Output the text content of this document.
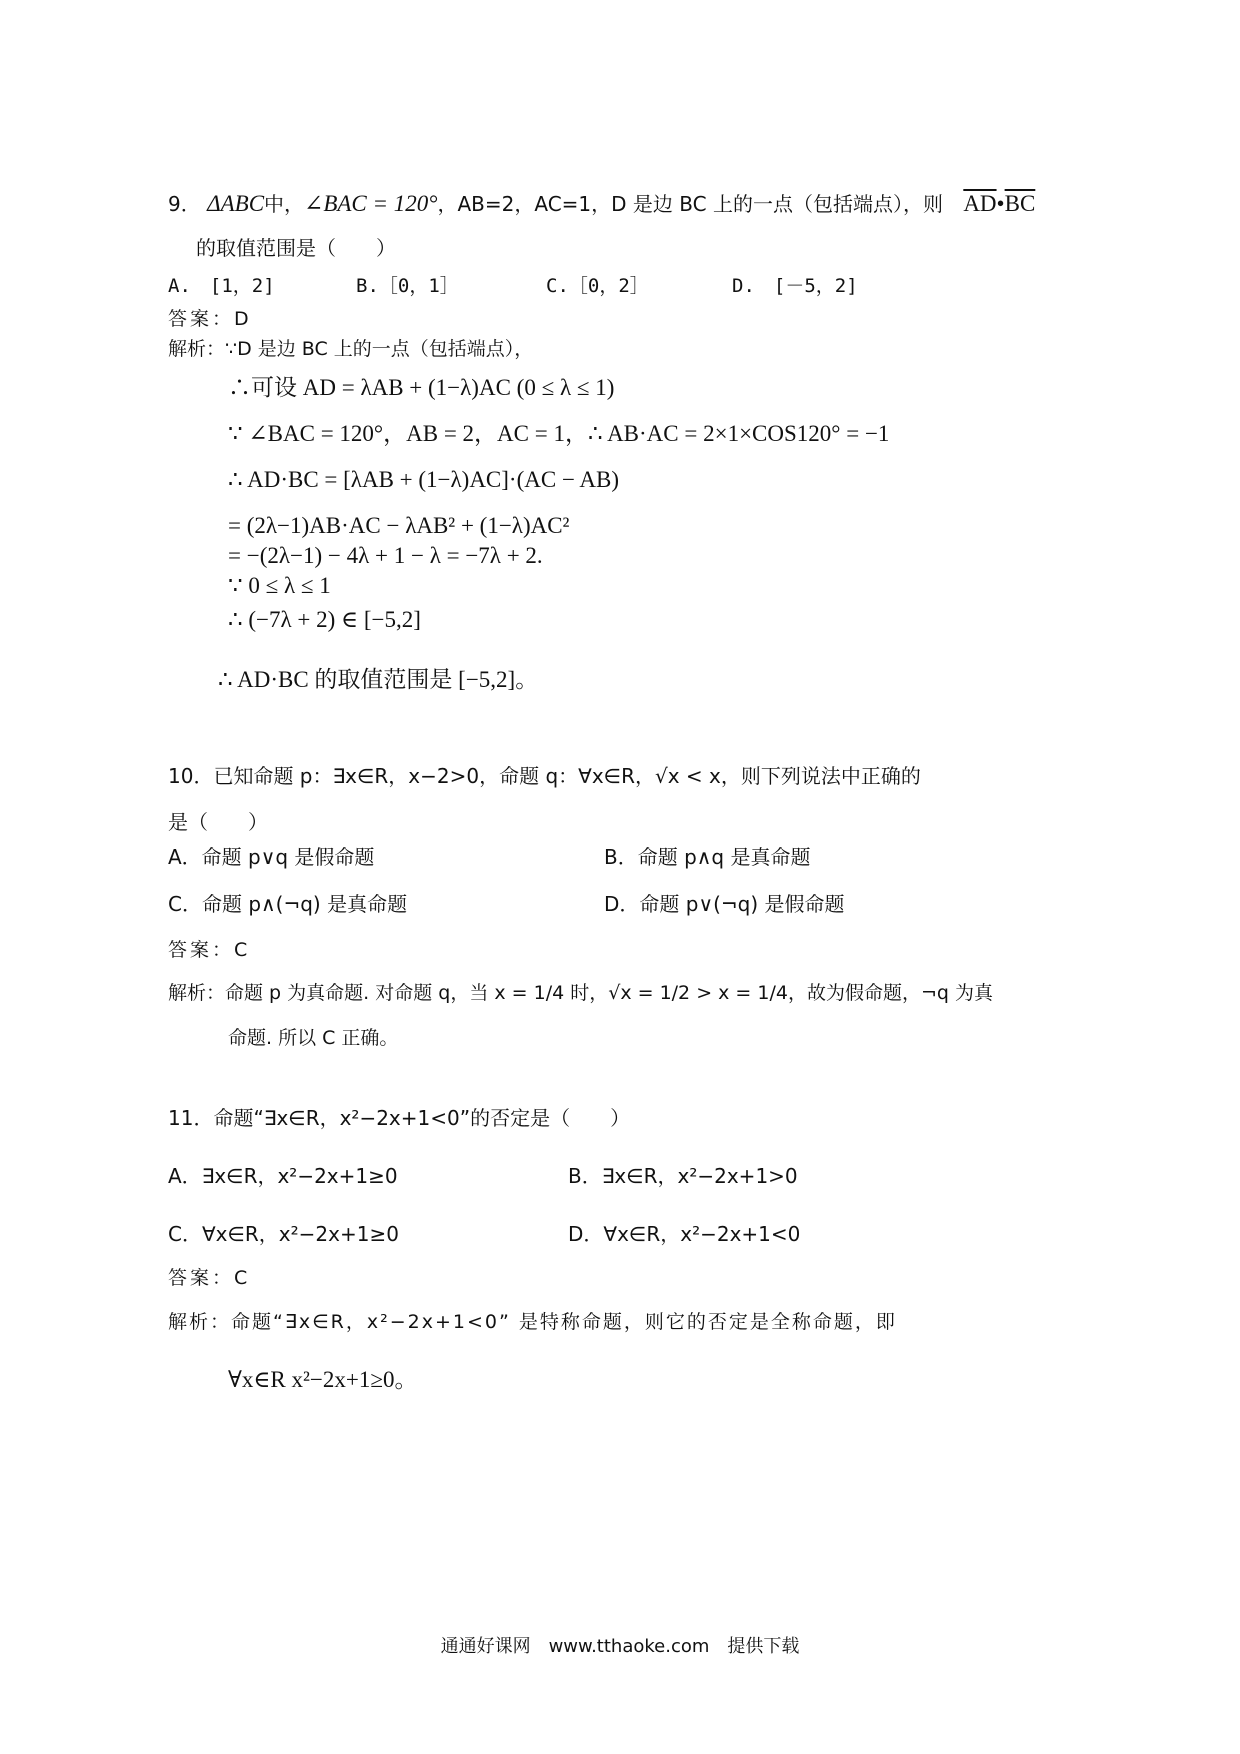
9． ΔABC中，∠BAC = 120°，AB=2，AC=1，D 是边 BC 上的一点（包括端点），则 $\overline{AD}•\overline{BC}$
的取值范围是（　　）
A.　[1，2]	B.［0，1］	C.［0，2］	D.　[－5，2]
答案：D
解析：∵D 是边 BC 上的一点（包括端点），
∴可设 AD = λAB + (1−λ)AC (0 ≤ λ ≤ 1)
∵ ∠BAC = 120°，AB = 2，AC = 1，∴ AB·AC = 2×1×COS120° = −1
∴ AD·BC = [λAB + (1−λ)AC]·(AC − AB)
= (2λ−1)AB·AC − λAB² + (1−λ)AC²
= −(2λ−1) − 4λ + 1 − λ = −7λ + 2.
∵ 0 ≤ λ ≤ 1
∴ (−7λ + 2) ∈ [−5,2]
∴ AD·BC 的取值范围是 [−5,2]。
10．已知命题 p：∃x∈R，x−2>0，命题 q：∀x∈R，√x < x，则下列说法中正确的
是（　　）
A．命题 p∨q 是假命题	B．命题 p∧q 是真命题
C．命题 p∧(¬q) 是真命题	D．命题 p∨(¬q) 是假命题
答案：C
解析：命题 p 为真命题. 对命题 q，当 x = 1/4 时，√x = 1/2 > x = 1/4，故为假命题，¬q 为真
命题. 所以 C 正确。
11．命题“∃x∈R，x²−2x+1<0”的否定是（　　）
A．∃x∈R，x²−2x+1≥0	B．∃x∈R，x²−2x+1>0
C．∀x∈R，x²−2x+1≥0	D．∀x∈R，x²−2x+1<0
答案：C
解析：命题“∃x∈R，x²−2x+1<0” 是特称命题，则它的否定是全称命题，即
∀x∈R x²−2x+1≥0。
通通好课网　www.tthaoke.com　提供下载
